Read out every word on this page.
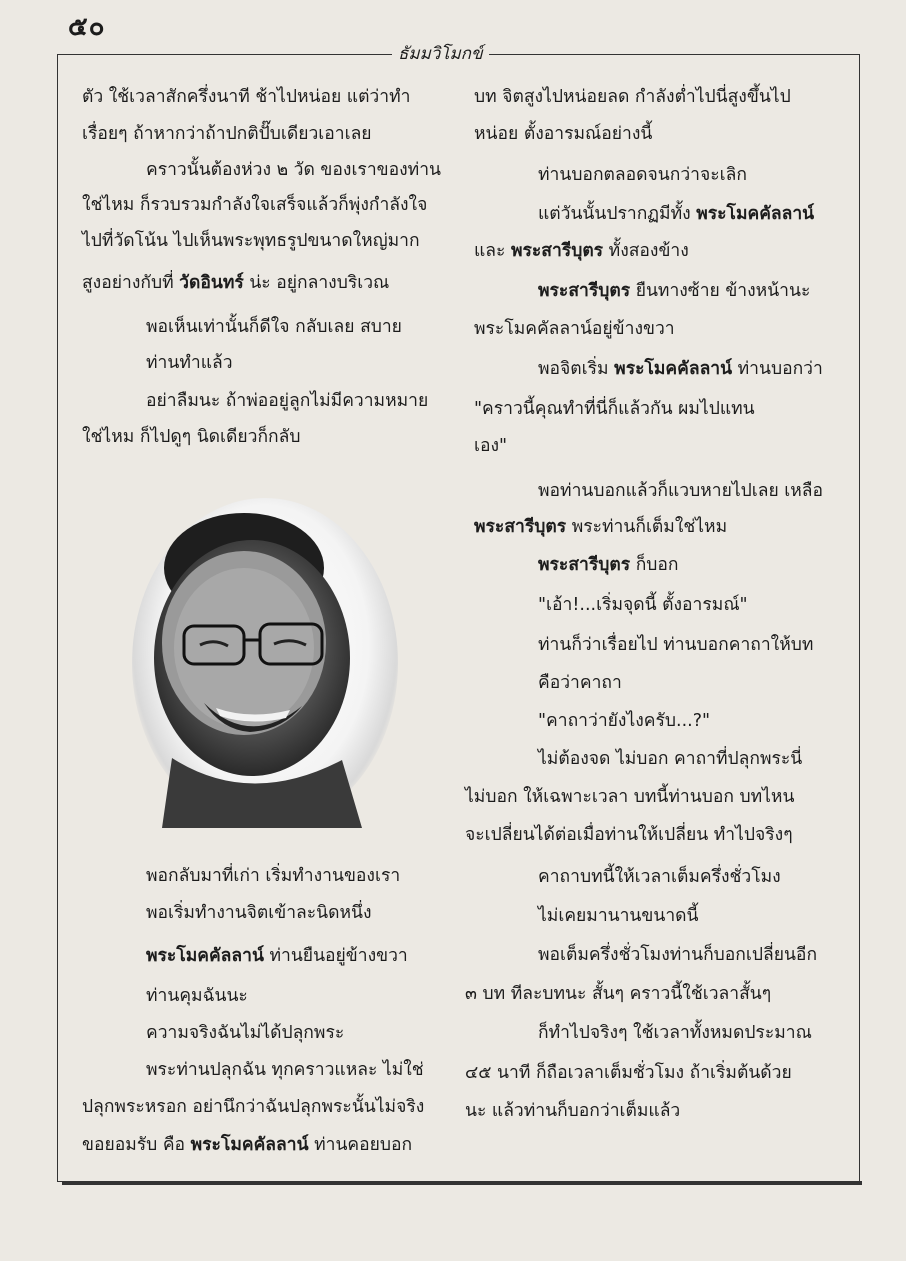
๕๐
ธัมมวิโมกข์
ตัว ใช้เวลาสักครึ่งนาที ช้าไปหน่อย แต่ว่าทำ
เรื่อยๆ ถ้าหากว่าถ้าปกติปั๊บเดียวเอาเลย
คราวนั้นต้องห่วง ๒ วัด ของเราของท่าน
ใช่ไหม ก็รวบรวมกำลังใจเสร็จแล้วก็พุ่งกำลังใจ
ไปที่วัดโน้น ไปเห็นพระพุทธรูปขนาดใหญ่มาก
สูงอย่างกับที่ วัดอินทร์ น่ะ อยู่กลางบริเวณ
พอเห็นเท่านั้นก็ดีใจ กลับเลย สบาย
ท่านทำแล้ว
อย่าลืมนะ ถ้าพ่ออยู่ลูกไม่มีความหมาย
ใช่ไหม ก็ไปดูๆ นิดเดียวก็กลับ
พอกลับมาที่เก่า เริ่มทำงานของเรา
พอเริ่มทำงานจิตเข้าละนิดหนึ่ง
พระโมคคัลลาน์ ท่านยืนอยู่ข้างขวา
ท่านคุมฉันนะ
ความจริงฉันไม่ได้ปลุกพระ
พระท่านปลุกฉัน ทุกคราวแหละ ไม่ใช่
ปลุกพระหรอก อย่านึกว่าฉันปลุกพระนั้นไม่จริง
ขอยอมรับ คือ พระโมคคัลลาน์ ท่านคอยบอก
บท จิตสูงไปหน่อยลด กำลังต่ำไปนี่สูงขึ้นไป
หน่อย ตั้งอารมณ์อย่างนี้
ท่านบอกตลอดจนกว่าจะเลิก
แต่วันนั้นปรากฏมีทั้ง พระโมคคัลลาน์
และ พระสารีบุตร ทั้งสองข้าง
พระสารีบุตร ยืนทางซ้าย ข้างหน้านะ
พระโมคคัลลาน์อยู่ข้างขวา
พอจิตเริ่ม พระโมคคัลลาน์ ท่านบอกว่า
"คราวนี้คุณทำที่นี่ก็แล้วกัน ผมไปแทน
เอง"
พอท่านบอกแล้วก็แวบหายไปเลย เหลือ
พระสารีบุตร พระท่านก็เต็มใช่ไหม
พระสารีบุตร ก็บอก
"เอ้า!...เริ่มจุดนี้ ตั้งอารมณ์"
ท่านก็ว่าเรื่อยไป ท่านบอกคาถาให้บท
คือว่าคาถา
"คาถาว่ายังไงครับ...?"
ไม่ต้องจด ไม่บอก คาถาที่ปลุกพระนี่
ไม่บอก ให้เฉพาะเวลา บทนี้ท่านบอก บทไหน
จะเปลี่ยนได้ต่อเมื่อท่านให้เปลี่ยน ทำไปจริงๆ
คาถาบทนี้ให้เวลาเต็มครึ่งชั่วโมง
ไม่เคยมานานขนาดนี้
พอเต็มครึ่งชั่วโมงท่านก็บอกเปลี่ยนอีก
๓ บท ทีละบทนะ สั้นๆ คราวนี้ใช้เวลาสั้นๆ
ก็ทำไปจริงๆ ใช้เวลาทั้งหมดประมาณ
๔๕ นาที ก็ถือเวลาเต็มชั่วโมง ถ้าเริ่มต้นด้วย
นะ แล้วท่านก็บอกว่าเต็มแล้ว
